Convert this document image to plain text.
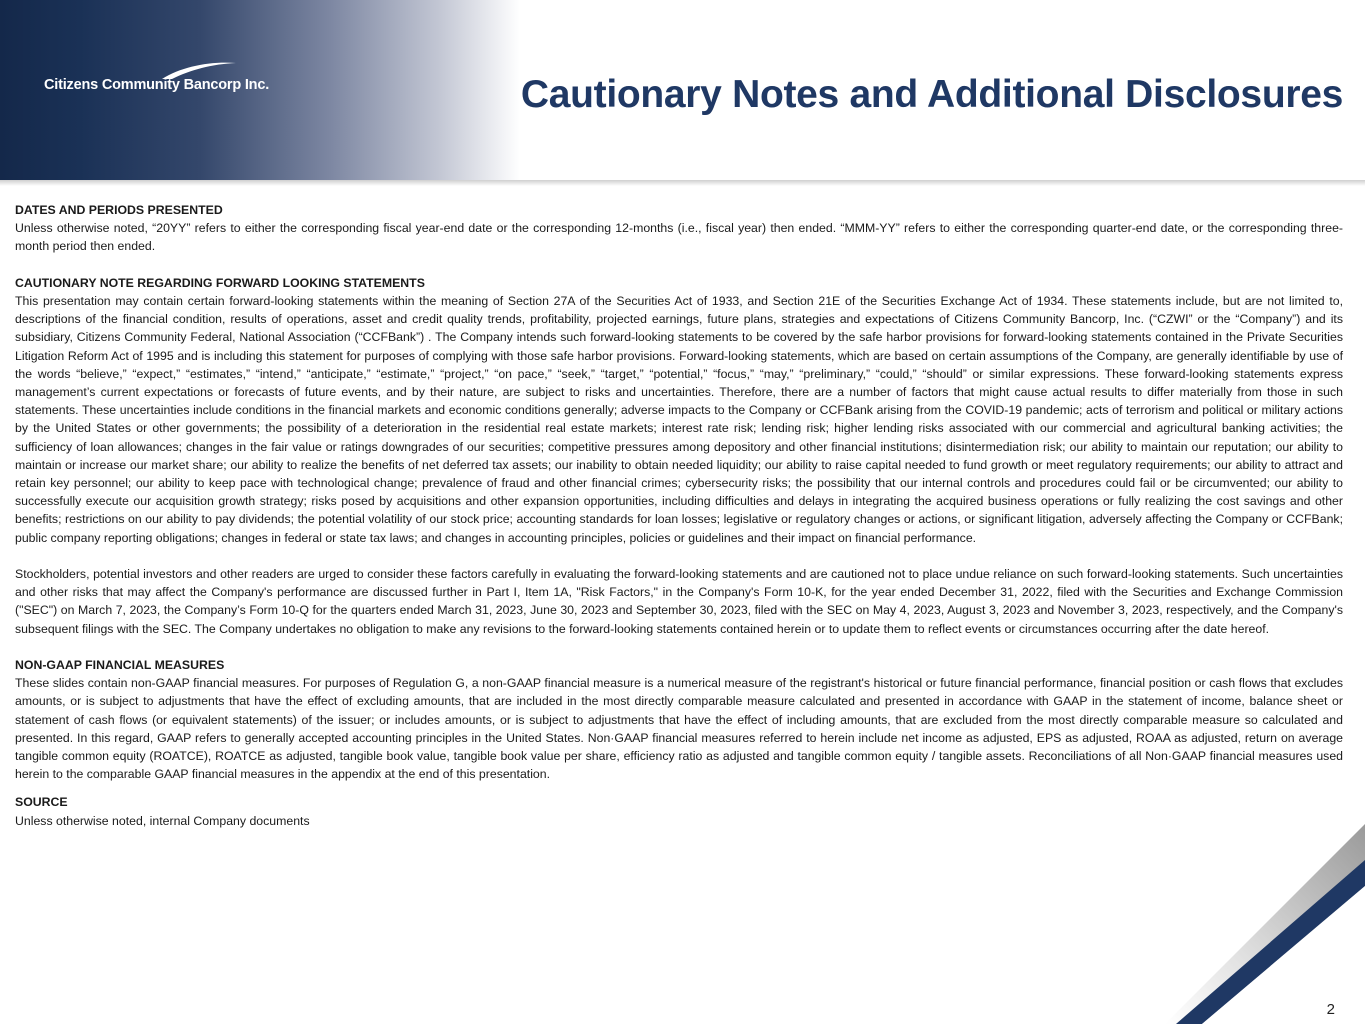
Citizens Community Bancorp Inc.	Cautionary Notes and Additional Disclosures
DATES AND PERIODS PRESENTED
Unless otherwise noted, “20YY” refers to either the corresponding fiscal year-end date or the corresponding 12-months (i.e., fiscal year) then ended. “MMM-YY” refers to either the corresponding quarter-end date, or the corresponding three-month period then ended.
CAUTIONARY NOTE REGARDING FORWARD LOOKING STATEMENTS
This presentation may contain certain forward-looking statements within the meaning of Section 27A of the Securities Act of 1933, and Section 21E of the Securities Exchange Act of 1934. These statements include, but are not limited to, descriptions of the financial condition, results of operations, asset and credit quality trends, profitability, projected earnings, future plans, strategies and expectations of Citizens Community Bancorp, Inc. (“CZWI” or the “Company”) and its subsidiary, Citizens Community Federal, National Association (“CCFBank”) . The Company intends such forward-looking statements to be covered by the safe harbor provisions for forward-looking statements contained in the Private Securities Litigation Reform Act of 1995 and is including this statement for purposes of complying with those safe harbor provisions. Forward-looking statements, which are based on certain assumptions of the Company, are generally identifiable by use of the words “believe,” “expect,” “estimates,” “intend,” “anticipate,” “estimate,” “project,” “on pace,” “seek,” “target,” “potential,” “focus,” “may,” “preliminary,” “could,” “should” or similar expressions. These forward-looking statements express management’s current expectations or forecasts of future events, and by their nature, are subject to risks and uncertainties. Therefore, there are a number of factors that might cause actual results to differ materially from those in such statements. These uncertainties include conditions in the financial markets and economic conditions generally; adverse impacts to the Company or CCFBank arising from the COVID-19 pandemic; acts of terrorism and political or military actions by the United States or other governments; the possibility of a deterioration in the residential real estate markets; interest rate risk; lending risk; higher lending risks associated with our commercial and agricultural banking activities; the sufficiency of loan allowances; changes in the fair value or ratings downgrades of our securities; competitive pressures among depository and other financial institutions; disintermediation risk; our ability to maintain our reputation; our ability to maintain or increase our market share; our ability to realize the benefits of net deferred tax assets; our inability to obtain needed liquidity; our ability to raise capital needed to fund growth or meet regulatory requirements; our ability to attract and retain key personnel; our ability to keep pace with technological change; prevalence of fraud and other financial crimes; cybersecurity risks; the possibility that our internal controls and procedures could fail or be circumvented; our ability to successfully execute our acquisition growth strategy; risks posed by acquisitions and other expansion opportunities, including difficulties and delays in integrating the acquired business operations or fully realizing the cost savings and other benefits; restrictions on our ability to pay dividends; the potential volatility of our stock price; accounting standards for loan losses; legislative or regulatory changes or actions, or significant litigation, adversely affecting the Company or CCFBank; public company reporting obligations; changes in federal or state tax laws; and changes in accounting principles, policies or guidelines and their impact on financial performance.
Stockholders, potential investors and other readers are urged to consider these factors carefully in evaluating the forward-looking statements and are cautioned not to place undue reliance on such forward-looking statements. Such uncertainties and other risks that may affect the Company's performance are discussed further in Part I, Item 1A, "Risk Factors," in the Company's Form 10-K, for the year ended December 31, 2022, filed with the Securities and Exchange Commission ("SEC") on March 7, 2023, the Company’s Form 10-Q for the quarters ended March 31, 2023, June 30, 2023 and September 30, 2023, filed with the SEC on May 4, 2023, August 3, 2023 and November 3, 2023, respectively, and the Company's subsequent filings with the SEC. The Company undertakes no obligation to make any revisions to the forward-looking statements contained herein or to update them to reflect events or circumstances occurring after the date hereof.
NON-GAAP FINANCIAL MEASURES
These slides contain non-GAAP financial measures. For purposes of Regulation G, a non-GAAP financial measure is a numerical measure of the registrant's historical or future financial performance, financial position or cash flows that excludes amounts, or is subject to adjustments that have the effect of excluding amounts, that are included in the most directly comparable measure calculated and presented in accordance with GAAP in the statement of income, balance sheet or statement of cash flows (or equivalent statements) of the issuer; or includes amounts, or is subject to adjustments that have the effect of including amounts, that are excluded from the most directly comparable measure so calculated and presented. In this regard, GAAP refers to generally accepted accounting principles in the United States. Non·GAAP financial measures referred to herein include net income as adjusted, EPS as adjusted, ROAA as adjusted, return on average tangible common equity (ROATCE), ROATCE as adjusted, tangible book value, tangible book value per share, efficiency ratio as adjusted and tangible common equity / tangible assets. Reconciliations of all Non·GAAP financial measures used herein to the comparable GAAP financial measures in the appendix at the end of this presentation.
SOURCE
Unless otherwise noted, internal Company documents
2
